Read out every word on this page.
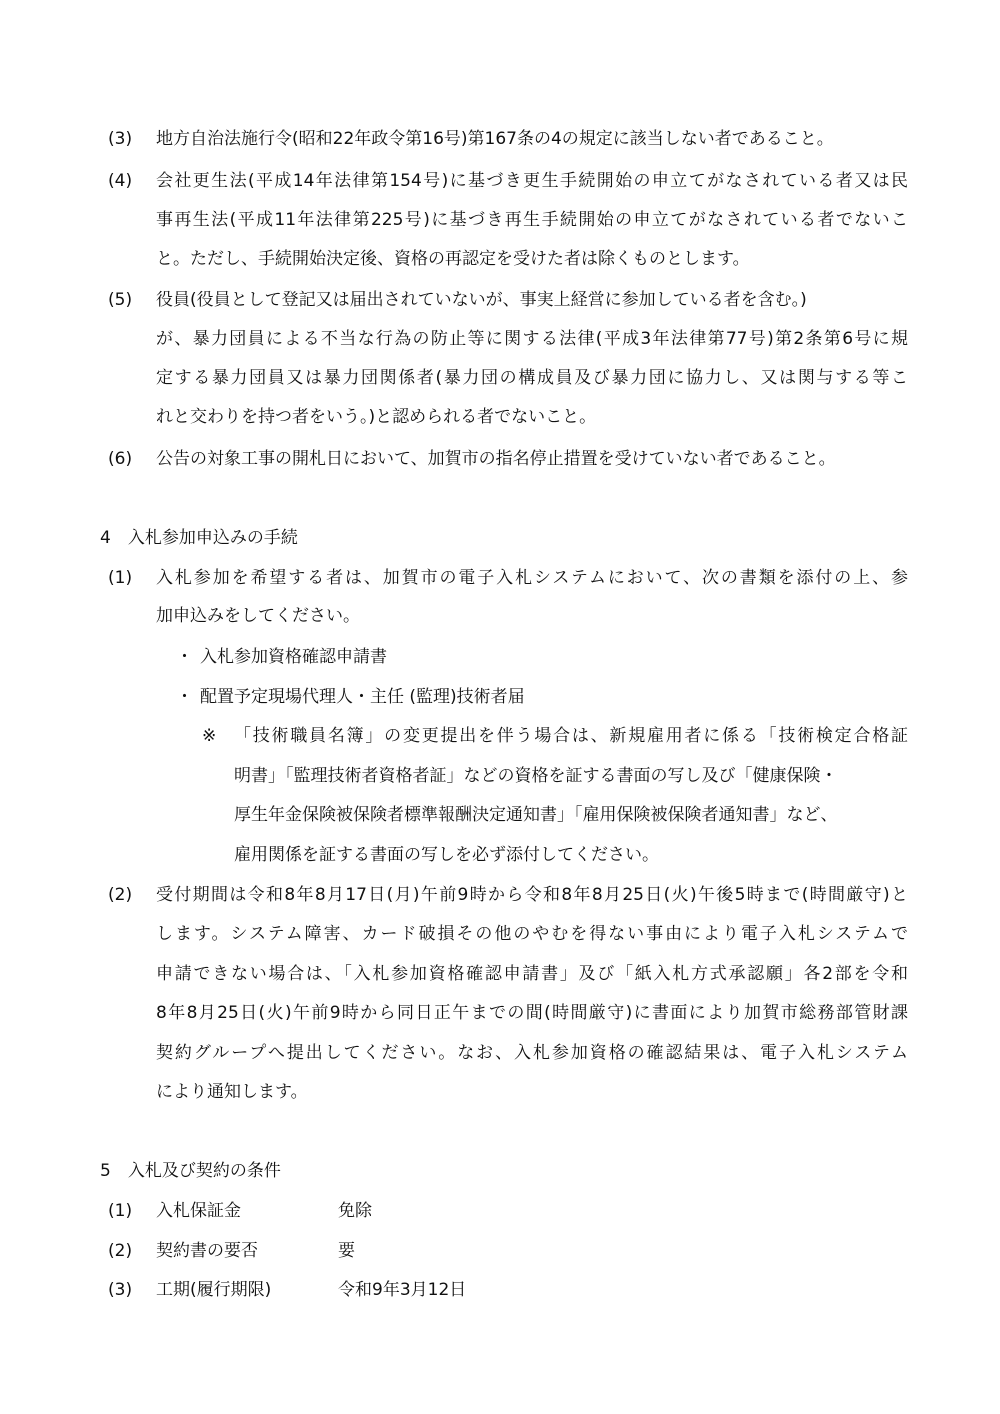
(3) 地方自治法施行令(昭和22年政令第16号)第167条の4の規定に該当しない者であること。
(4) 会社更生法(平成14年法律第154号)に基づき更生手続開始の申立てがなされている者又は民
事再生法(平成11年法律第225号)に基づき再生手続開始の申立てがなされている者でないこ
と。ただし、手続開始決定後、資格の再認定を受けた者は除くものとします。
(5) 役員(役員として登記又は届出されていないが、事実上経営に参加している者を含む。)
が、暴力団員による不当な行為の防止等に関する法律(平成3年法律第77号)第2条第6号に規
定する暴力団員又は暴力団関係者(暴力団の構成員及び暴力団に協力し、又は関与する等こ
れと交わりを持つ者をいう。)と認められる者でないこと。
(6) 公告の対象工事の開札日において、加賀市の指名停止措置を受けていない者であること。
4　入札参加申込みの手続
(1) 入札参加を希望する者は、加賀市の電子入札システムにおいて、次の書類を添付の上、参
加申込みをしてください。
・ 入札参加資格確認申請書
・ 配置予定現場代理人・主任 (監理)技術者届
※ 「技術職員名簿」の変更提出を伴う場合は、新規雇用者に係る「技術検定合格証
明書」「監理技術者資格者証」などの資格を証する書面の写し及び「健康保険・
厚生年金保険被保険者標準報酬決定通知書」「雇用保険被保険者通知書」など、
雇用関係を証する書面の写しを必ず添付してください。
(2) 受付期間は令和8年8月17日(月)午前9時から令和8年8月25日(火)午後5時まで(時間厳守)と
します。システム障害、カード破損その他のやむを得ない事由により電子入札システムで
申請できない場合は、「入札参加資格確認申請書」及び「紙入札方式承認願」各2部を令和
8年8月25日(火)午前9時から同日正午までの間(時間厳守)に書面により加賀市総務部管財課
契約グループへ提出してください。なお、入札参加資格の確認結果は、電子入札システム
により通知します。
5　入札及び契約の条件
(1) 入札保証金	免除
(2) 契約書の要否	要
(3) 工期(履行期限)	令和9年3月12日
